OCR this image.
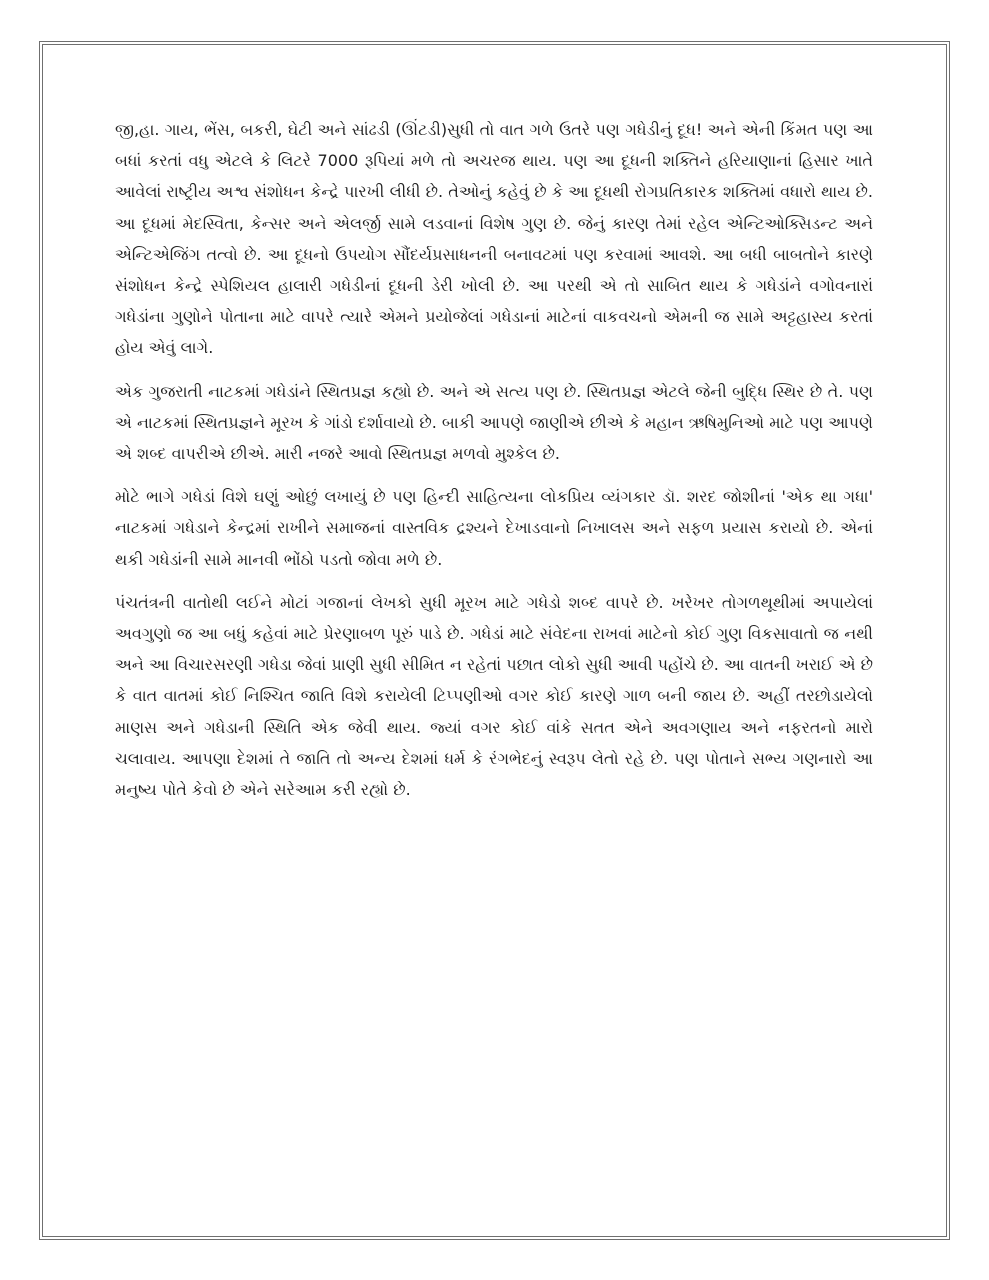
જી,હા. ગાય, ભેંસ, બકરી, ઘેટી અને સાંઢડી (ઊંટડી)સુધી તો વાત ગળે ઉતરે પણ ગધેડીનું દૂધ! અને એની કિંમત પણ આ બધાં કરતાં વધુ એટલે કે લિટરે 7000 રૂપિયાં મળે તો અચરજ થાય. પણ આ દૂધની શક્તિને હરિયાણાનાં હિસાર ખાતે આવેલાં રાષ્ટ્રીય અશ્વ સંશોધન કેન્દ્રે પારખી લીધી છે. તેઓનું કહેવું છે કે આ દૂધથી રોગપ્રતિકારક શક્તિમાં વધારો થાય છે. આ દૂધમાં મેદસ્વિતા, કેન્સર અને એલર્જી સામે લડવાનાં વિશેષ ગુણ છે. જેનું કારણ તેમાં રહેલ એન્ટિઓક્સિડન્ટ અને એન્ટિએજિંગ તત્વો છે. આ દૂધનો ઉપયોગ સૌંદર્યપ્રસાધનની બનાવટમાં પણ કરવામાં આવશે. આ બધી બાબતોને કારણે સંશોધન કેન્દ્રે સ્પેશિયલ હાલારી ગધેડીનાં દૂધની ડેરી ખોલી છે. આ પરથી એ તો સાબિત થાય કે ગધેડાંને વગોવનારાં ગધેડાંના ગુણોને પોતાના માટે વાપરે ત્યારે એમને પ્રયોજેલાં ગધેડાનાં માટેનાં વાકવચનો એમની જ સામે અટ્ટહાસ્ય કરતાં હોય એવું લાગે.

એક ગુજરાતી નાટકમાં ગધેડાંને સ્થિતપ્રજ્ઞ કહ્યો છે. અને એ સત્ય પણ છે. સ્થિતપ્રજ્ઞ એટલે જેની બુદ્ધિ સ્થિર છે તે. પણ એ નાટકમાં સ્થિતપ્રજ્ઞને મૂરખ કે ગાંડો દર્શાવાયો છે. બાકી આપણે જાણીએ છીએ કે મહાન ઋષિમુનિઓ માટે પણ આપણે એ શબ્દ વાપરીએ છીએ. મારી નજરે આવો સ્થિતપ્રજ્ઞ મળવો મુશ્કેલ છે.

મોટે ભાગે ગધેડાં વિશે ઘણું ઓછું લખાયું છે પણ હિન્દી સાહિત્યના લોકપ્રિય વ્યંગકાર ડૉ. શરદ જોશીનાં 'એક થા ગધા' નાટકમાં ગધેડાને કેન્દ્રમાં રાખીને સમાજનાં વાસ્તવિક દ્રશ્યને દેખાડવાનો નિખાલસ અને સફળ પ્રયાસ કરાયો છે. એનાં થકી ગધેડાંની સામે માનવી ભોંઠો પડતો જોવા મળે છે.

પંચતંત્રની વાતોથી લઈને મોટાં ગજાનાં લેખકો સુધી મૂરખ માટે ગધેડો શબ્દ વાપરે છે. ખરેખર તોગળથૂથીમાં અપાયેલાં અવગુણો જ આ બધું કહેવાં માટે પ્રેરણાબળ પૂરું પાડે છે. ગધેડાં માટે સંવેદના રાખવાં માટેનો કોઈ ગુણ વિકસાવાતો જ નથી અને આ વિચારસરણી ગધેડા જેવાં પ્રાણી સુધી સીમિત ન રહેતાં પછાત લોકો સુધી આવી પહોંચે છે. આ વાતની ખરાઈ એ છે કે વાત વાતમાં કોઈ નિશ્ચિત જાતિ વિશે કરાયેલી ટિપ્પણીઓ વગર કોઈ કારણે ગાળ બની જાય છે. અહીં તરછોડાયેલો માણસ અને ગધેડાની સ્થિતિ એક જેવી થાય. જ્યાં વગર કોઈ વાંકે સતત એને અવગણાય અને નફરતનો મારો ચલાવાય. આપણા દેશમાં તે જાતિ તો અન્ય દેશમાં ધર્મ કે રંગભેદનું સ્વરૂપ લેતો રહે છે. પણ પોતાને સભ્ય ગણનારો આ મનુષ્ય પોતે કેવો છે એને સરેઆમ કરી રહ્યો છે.
